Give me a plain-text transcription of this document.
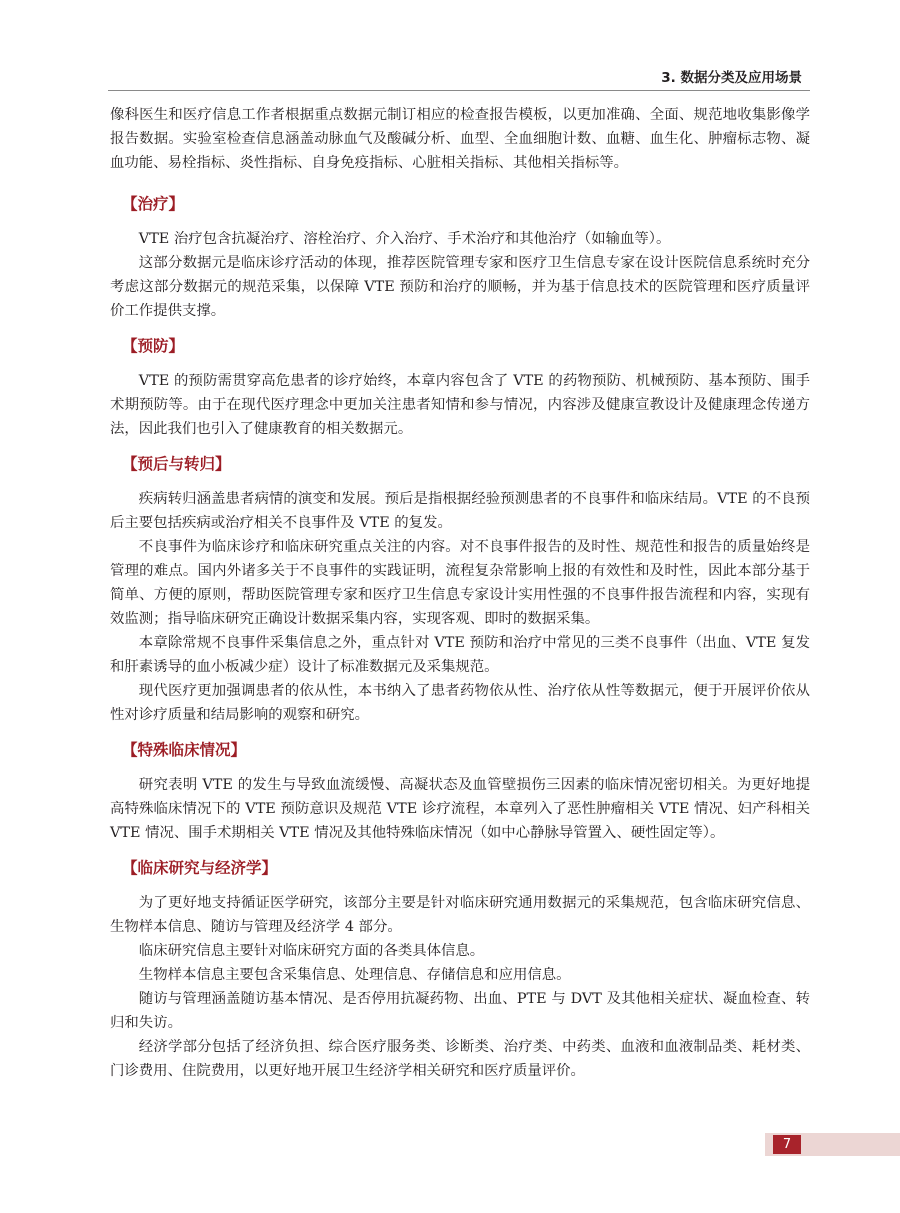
3. 数据分类及应用场景

像科医生和医疗信息工作者根据重点数据元制订相应的检查报告模板，以更加准确、全面、规范地收集影像学报告数据。实验室检查信息涵盖动脉血气及酸碱分析、血型、全血细胞计数、血糖、血生化、肿瘤标志物、凝血功能、易栓指标、炎性指标、自身免疫指标、心脏相关指标、其他相关指标等。

【治疗】

VTE 治疗包含抗凝治疗、溶栓治疗、介入治疗、手术治疗和其他治疗（如输血等）。

这部分数据元是临床诊疗活动的体现，推荐医院管理专家和医疗卫生信息专家在设计医院信息系统时充分考虑这部分数据元的规范采集，以保障 VTE 预防和治疗的顺畅，并为基于信息技术的医院管理和医疗质量评价工作提供支撑。

【预防】

VTE 的预防需贯穿高危患者的诊疗始终，本章内容包含了 VTE 的药物预防、机械预防、基本预防、围手术期预防等。由于在现代医疗理念中更加关注患者知情和参与情况，内容涉及健康宣教设计及健康理念传递方法，因此我们也引入了健康教育的相关数据元。

【预后与转归】

疾病转归涵盖患者病情的演变和发展。预后是指根据经验预测患者的不良事件和临床结局。VTE 的不良预后主要包括疾病或治疗相关不良事件及 VTE 的复发。

不良事件为临床诊疗和临床研究重点关注的内容。对不良事件报告的及时性、规范性和报告的质量始终是管理的难点。国内外诸多关于不良事件的实践证明，流程复杂常影响上报的有效性和及时性，因此本部分基于简单、方便的原则，帮助医院管理专家和医疗卫生信息专家设计实用性强的不良事件报告流程和内容，实现有效监测；指导临床研究正确设计数据采集内容，实现客观、即时的数据采集。

本章除常规不良事件采集信息之外，重点针对 VTE 预防和治疗中常见的三类不良事件（出血、VTE 复发和肝素诱导的血小板减少症）设计了标准数据元及采集规范。

现代医疗更加强调患者的依从性，本书纳入了患者药物依从性、治疗依从性等数据元，便于开展评价依从性对诊疗质量和结局影响的观察和研究。

【特殊临床情况】

研究表明 VTE 的发生与导致血流缓慢、高凝状态及血管壁损伤三因素的临床情况密切相关。为更好地提高特殊临床情况下的 VTE 预防意识及规范 VTE 诊疗流程，本章列入了恶性肿瘤相关 VTE 情况、妇产科相关 VTE 情况、围手术期相关 VTE 情况及其他特殊临床情况（如中心静脉导管置入、硬性固定等）。

【临床研究与经济学】

为了更好地支持循证医学研究，该部分主要是针对临床研究通用数据元的采集规范，包含临床研究信息、生物样本信息、随访与管理及经济学 4 部分。

临床研究信息主要针对临床研究方面的各类具体信息。

生物样本信息主要包含采集信息、处理信息、存储信息和应用信息。

随访与管理涵盖随访基本情况、是否停用抗凝药物、出血、PTE 与 DVT 及其他相关症状、凝血检查、转归和失访。

经济学部分包括了经济负担、综合医疗服务类、诊断类、治疗类、中药类、血液和血液制品类、耗材类、门诊费用、住院费用，以更好地开展卫生经济学相关研究和医疗质量评价。

7
